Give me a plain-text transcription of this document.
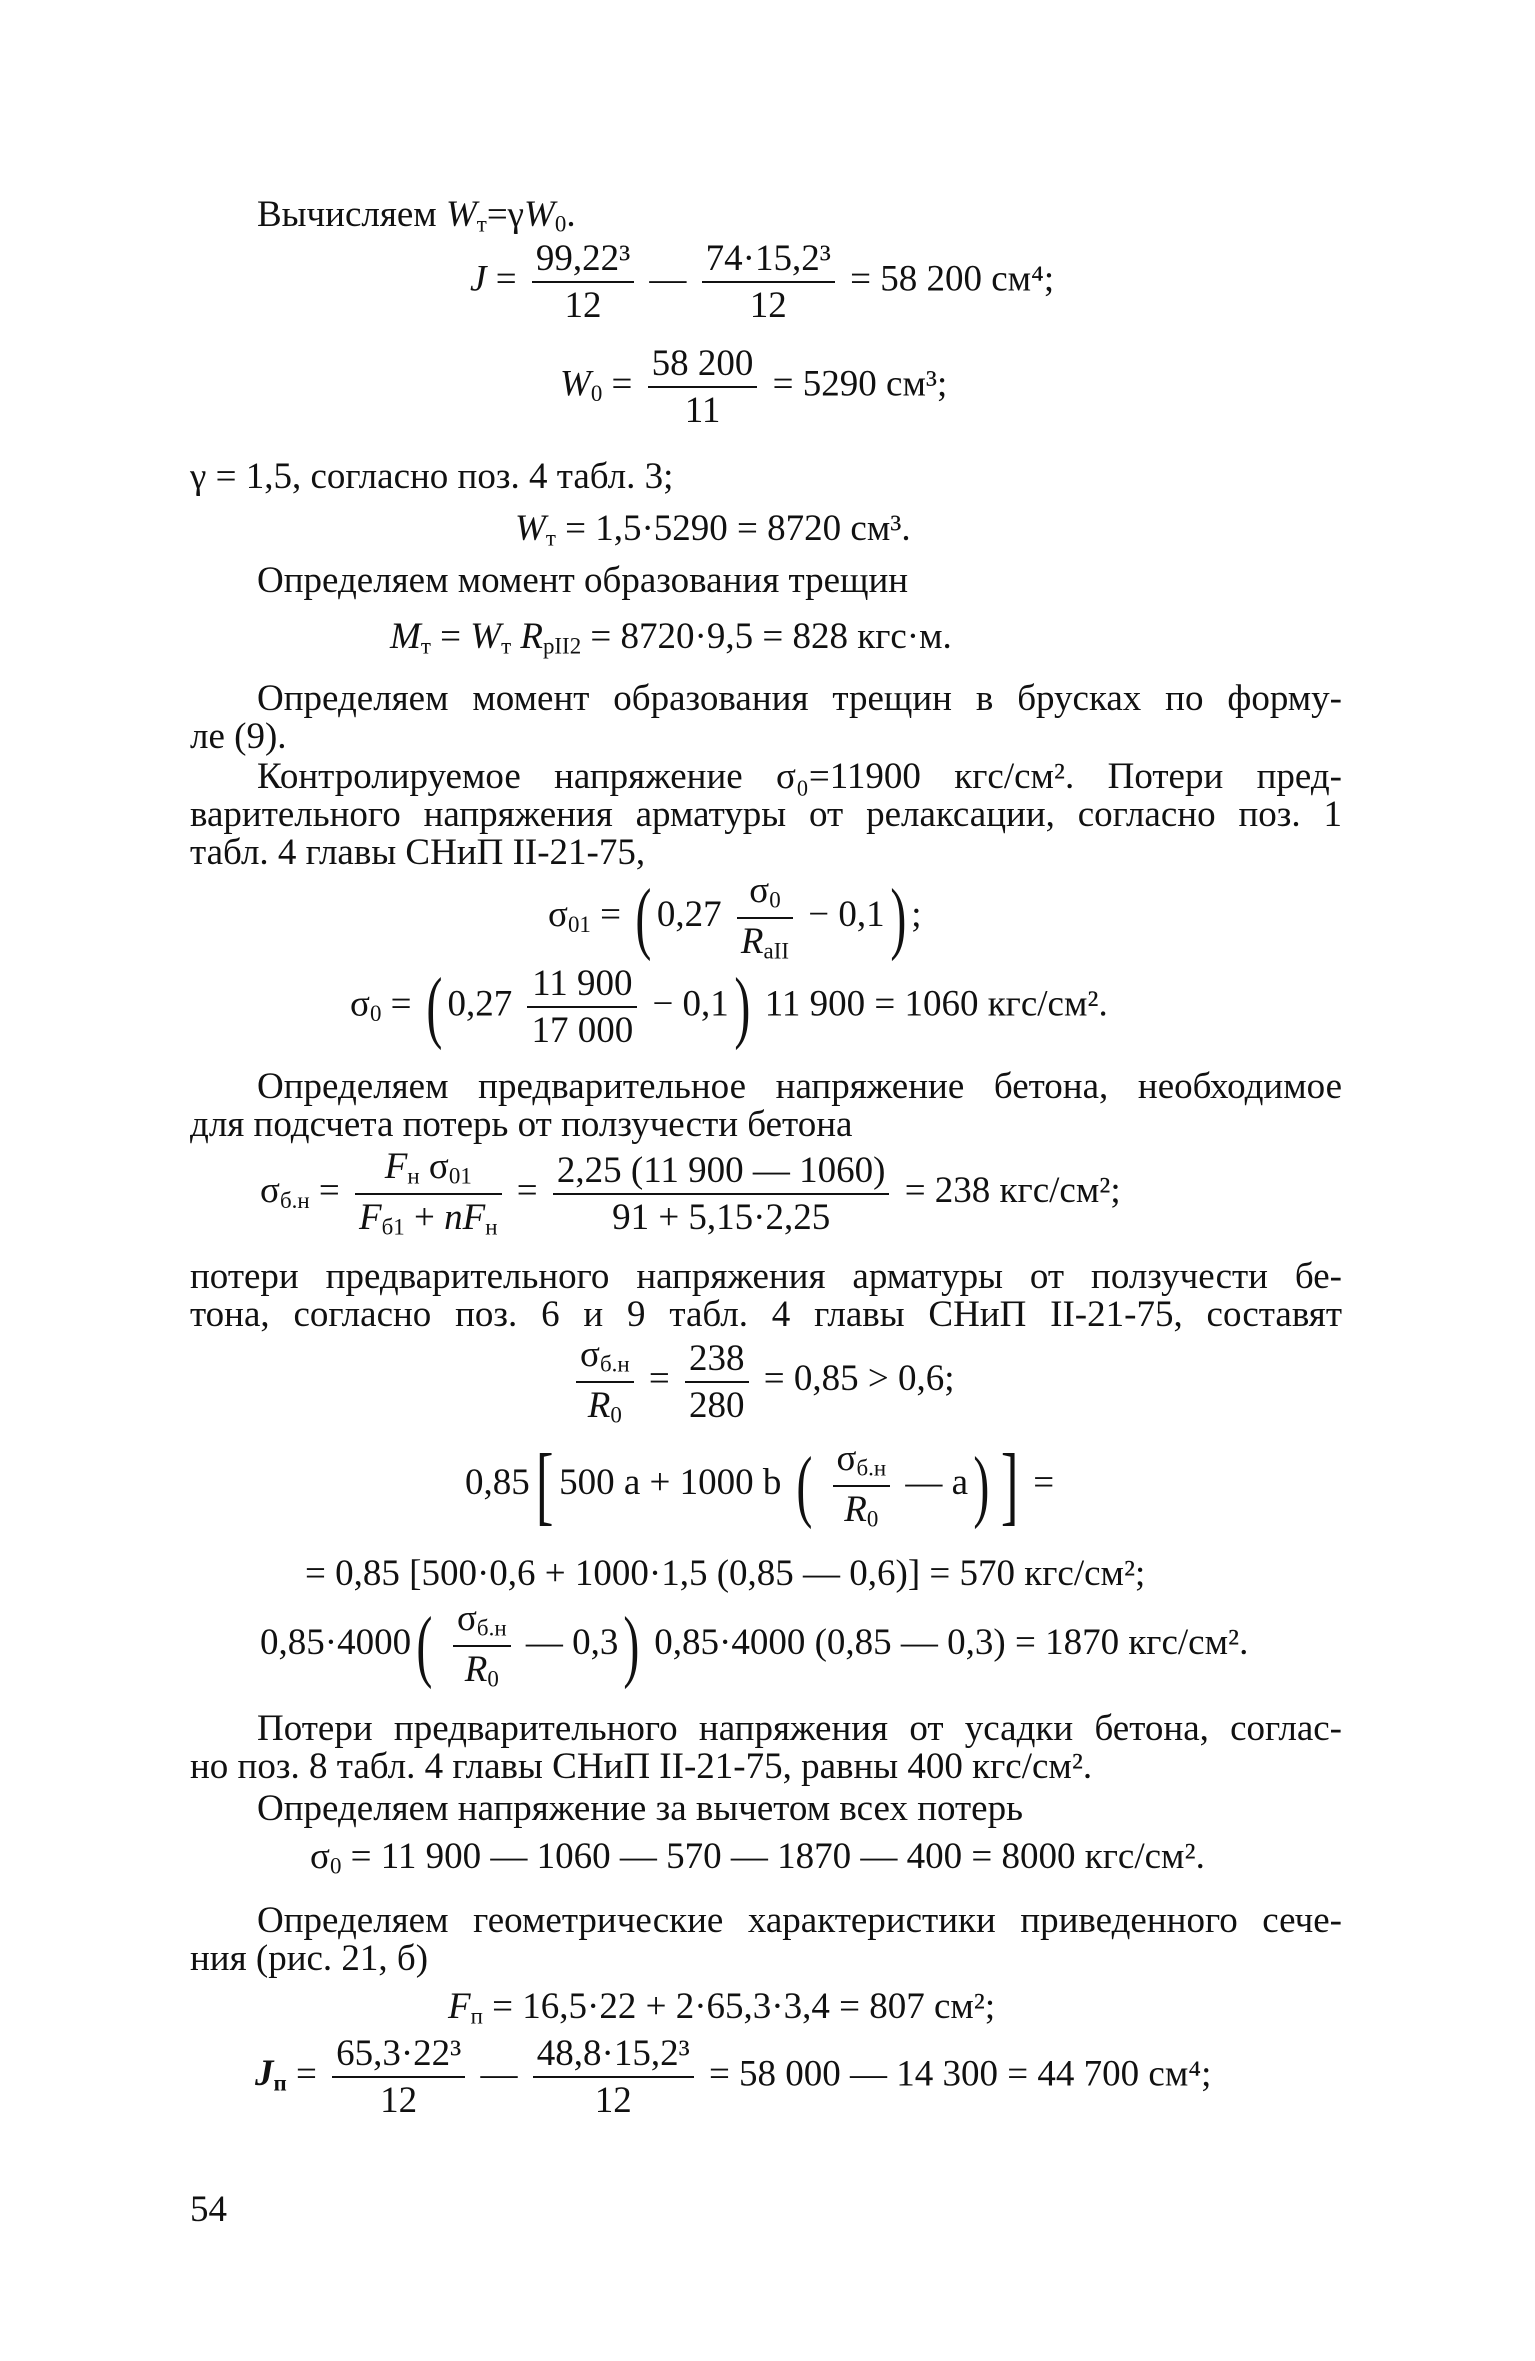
Вычисляем $W_т=\gamma W_0$.
$J = \frac{\text{99,22³}}{12}$ — $\frac{\text{74·15,2³}}{12} = 58$ 200 см⁴;
$W_0 = \frac{58 200}{11} = 5290$ см³;
γ = 1,5, согласно поз. 4 табл. 3;
$W_т = 1,5\cdot 5290 = 8720$ см³.
Определяем момент образования трещин
$M_т = W_т$ $R_{рII2} = 8720\cdot 9,5 = 828$ кгс·м.
Определяем момент образования трещин в брусках по форму-
ле (9).
Контролируемое напряжение σ₀=11900 кгс/см². Потери пред-
варительного напряжения арматуры от релаксации, согласно поз. 1
табл. 4 главы СНиП II-21-75,
$\sigma_{01}$ = ( $0,27 \frac{\sigma_0}{R_{aII}} - 0,1$) ;
$\sigma_0$ = ( $0,27 \frac{11 900}{17 000} - 0,1$) 11 900 = 1060 кгс/см².
Определяем предварительное напряжение бетона, необходимое
для подсчета потерь от ползучести бетона
$\sigma_{б.н} = \frac{F_н \sigma_{01}}{F_{б1} + nF_н} = \frac{2,25 (11 900 — 1060)}{91 + 5,15\cdot 2,25} = 238$ кгс/см²;
потери предварительного напряжения арматуры от ползучести бе-
тона, согласно поз. 6 и 9 табл. 4 главы СНиП II-21-75, составят
$\frac{\sigma_{б.н}}{R_0} = \frac{238}{280} = 0,85 > 0,6$;
0,85[ 500 a + 1000 b ( $\frac{\sigma_{б.н}}{R_0}$ — a) ] =
= 0,85 [500·0,6 + 1000·1,5 (0,85 — 0,6)] = 570 кгс/см²;
$0,85\cdot 4000( \frac{\sigma_{б.н}}{R_0}$ — 0,3) 0,85·4000 (0,85 — 0,3) = 1870 кгс/см².
Потери предварительного напряжения от усадки бетона, соглас-
но поз. 8 табл. 4 главы СНиП II-21-75, равны 400 кгс/см².
Определяем напряжение за вычетом всех потерь
$\sigma_0 = 11$ 900 — 1060 — 570 — 1870 — 400 = 8000 кгс/см².
Определяем геометрические характеристики приведенного сече-
ния (рис. 21, б)
$F_п = 16,5\cdot 22 + 2\cdot 65,3\cdot 3,4 = 807$ см²;
$J_п = \frac{\text{65,3·22³}}{12}$ — $\frac{\text{48,8·15,2³}}{12} = 58$ 000 — 14 300 = 44 700 см⁴;
54
